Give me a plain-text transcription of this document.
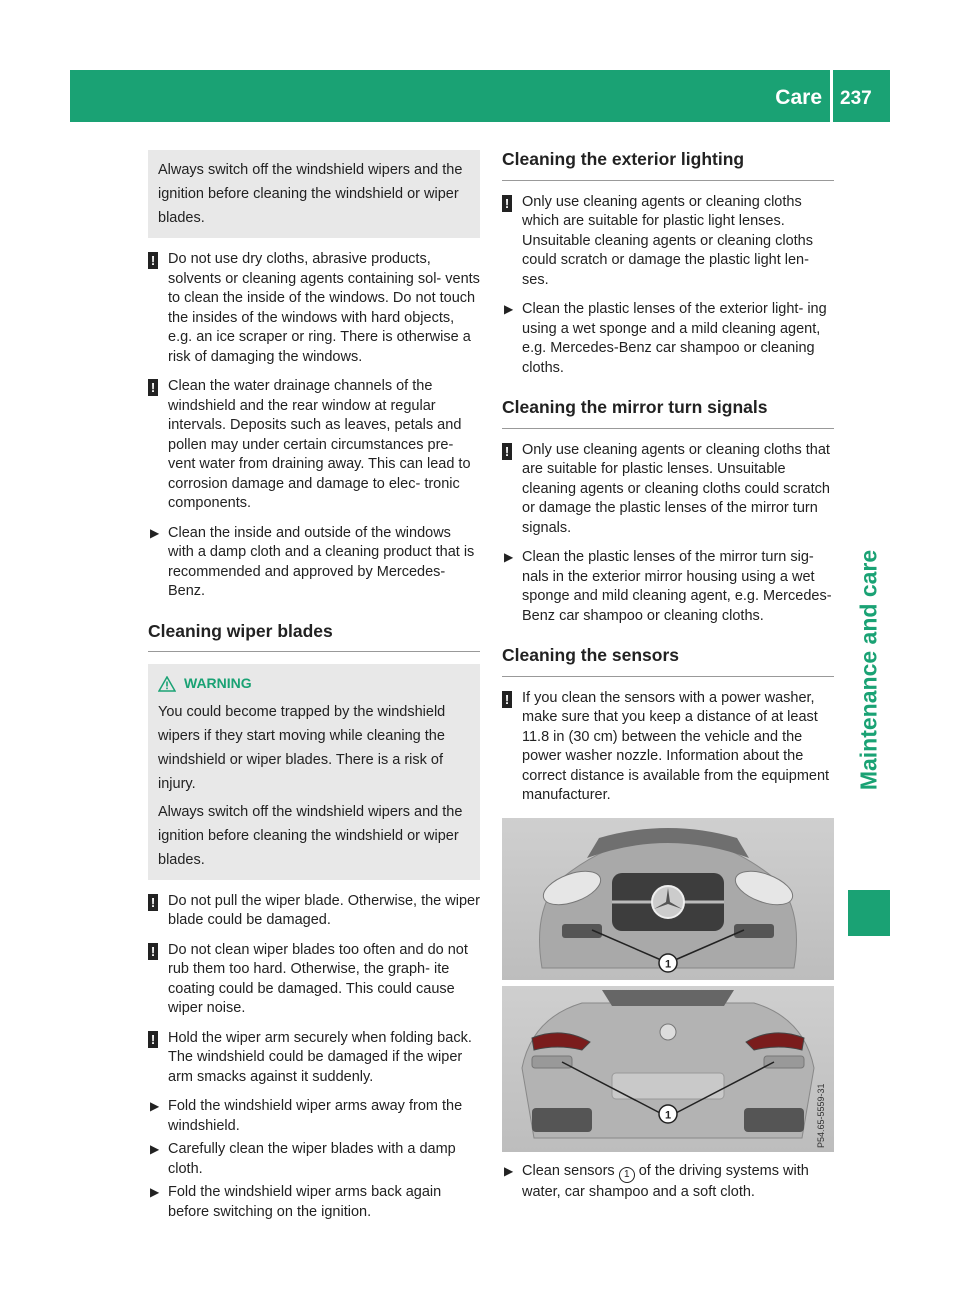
Care 237
Maintenance and care

Always switch off the windshield wipers and the ignition before cleaning the windshield or wiper blades.

! Do not use dry cloths, abrasive products, solvents or cleaning agents containing sol- vents to clean the inside of the windows. Do not touch the insides of the windows with hard objects, e.g. an ice scraper or ring. There is otherwise a risk of damaging the windows.
! Clean the water drainage channels of the windshield and the rear window at regular intervals. Deposits such as leaves, petals and pollen may under certain circumstances pre- vent water from draining away. This can lead to corrosion damage and damage to elec- tronic components.
▶ Clean the inside and outside of the windows with a damp cloth and a cleaning product that is recommended and approved by Mercedes- Benz.
Cleaning wiper blades
WARNING

You could become trapped by the windshield wipers if they start moving while cleaning the windshield or wiper blades. There is a risk of injury.

Always switch off the windshield wipers and the ignition before cleaning the windshield or wiper blades.

! Do not pull the wiper blade. Otherwise, the wiper blade could be damaged.
! Do not clean wiper blades too often and do not rub them too hard. Otherwise, the graph- ite coating could be damaged. This could cause wiper noise.
! Hold the wiper arm securely when folding back. The windshield could be damaged if the wiper arm smacks against it suddenly.
▶ Fold the windshield wiper arms away from the windshield.
▶ Carefully clean the wiper blades with a damp cloth.
▶ Fold the windshield wiper arms back again before switching on the ignition.
Cleaning the exterior lighting
! Only use cleaning agents or cleaning cloths which are suitable for plastic light lenses. Unsuitable cleaning agents or cleaning cloths could scratch or damage the plastic light len- ses.
▶ Clean the plastic lenses of the exterior light- ing using a wet sponge and a mild cleaning agent, e.g. Mercedes-Benz car shampoo or cleaning cloths.
Cleaning the mirror turn signals
! Only use cleaning agents or cleaning cloths that are suitable for plastic lenses. Unsuitable cleaning agents or cleaning cloths could scratch or damage the plastic lenses of the mirror turn signals.
▶ Clean the plastic lenses of the mirror turn sig- nals in the exterior mirror housing using a wet sponge and mild cleaning agent, e.g. Mercedes-Benz car shampoo or cleaning cloths.
Cleaning the sensors
! If you clean the sensors with a power washer, make sure that you keep a distance of at least 11.8 in (30 cm) between the vehicle and the power washer nozzle. Information about the correct distance is available from the equipment manufacturer.
1
1	P54.65-5559-31
▶ Clean sensors 1 of the driving systems with water, car shampoo and a soft cloth.
